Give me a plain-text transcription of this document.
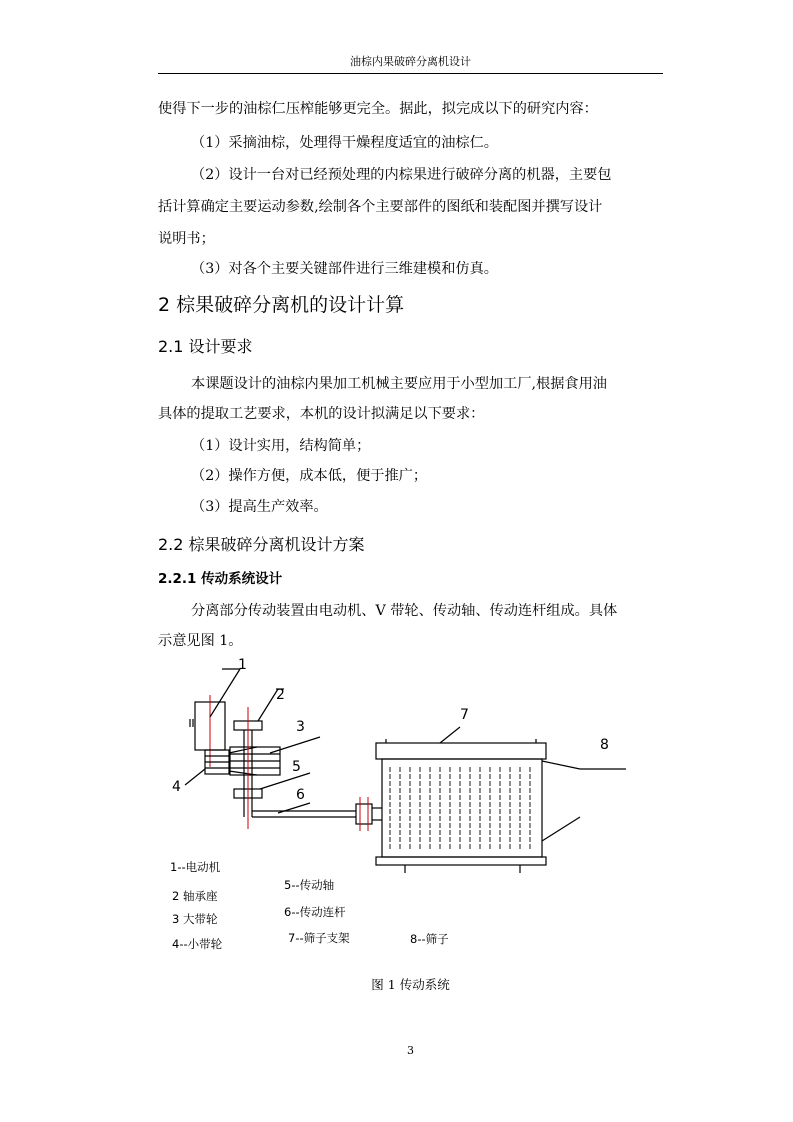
油棕内果破碎分离机设计
使得下一步的油棕仁压榨能够更完全。据此，拟完成以下的研究内容：
（1）采摘油棕，处理得干燥程度适宜的油棕仁。
（2）设计一台对已经预处理的内棕果进行破碎分离的机器，主要包
括计算确定主要运动参数,绘制各个主要部件的图纸和装配图并撰写设计
说明书；
（3）对各个主要关键部件进行三维建模和仿真。
2 棕果破碎分离机的设计计算
2.1 设计要求
本课题设计的油棕内果加工机械主要应用于小型加工厂,根据食用油
具体的提取工艺要求，本机的设计拟满足以下要求：
（1）设计实用，结构简单；
（2）操作方便，成本低，便于推广；
（3）提高生产效率。
2.2 棕果破碎分离机设计方案
2.2.1 传动系统设计
分离部分传动装置由电动机、V 带轮、传动轴、传动连杆组成。具体
示意见图 1。
1
2
3
4
5
6
7
8
1--电动机
2 轴承座
3 大带轮
4--小带轮
5--传动轴
6--传动连杆
7--筛子支架	8--筛子
图 1 传动系统
3
